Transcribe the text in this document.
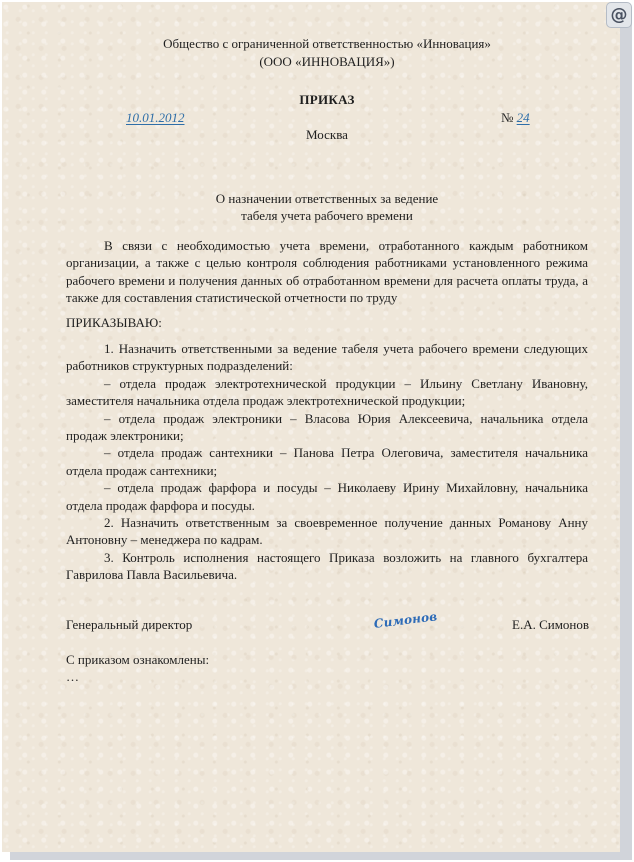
Общество с ограниченной ответственностью «Инновация»
(ООО «ИННОВАЦИЯ»)
ПРИКАЗ
10.01.2012	№ 24
Москва
О назначении ответственных за ведение
табеля учета рабочего времени

В связи с необходимостью учета времени, отработанного каждым работником организации, а также с целью контроля соблюдения работниками установленного режима рабочего времени и получения данных об отработанном времени для расчета оплаты труда, а также для составления статистической отчетности по труду

ПРИКАЗЫВАЮ:

1. Назначить ответственными за ведение табеля учета рабочего времени следующих работников структурных подразделений:

– отдела продаж электротехнической продукции – Ильину Светлану Ивановну, заместителя начальника отдела продаж электротехнической продукции;

– отдела продаж электроники – Власова Юрия Алексеевича, начальника отдела продаж электроники;

– отдела продаж сантехники – Панова Петра Олеговича, заместителя начальника отдела продаж сантехники;

– отдела продаж фарфора и посуды – Николаеву Ирину Михайловну, начальника отдела продаж фарфора и посуды.

2. Назначить ответственным за своевременное получение данных Романову Анну Антоновну – менеджера по кадрам.

3. Контроль исполнения настоящего Приказа возложить на главного бухгалтера Гаврилова Павла Васильевича.

Генеральный директор	Симонов	Е.А. Симонов
С приказом ознакомлены:
…
@
